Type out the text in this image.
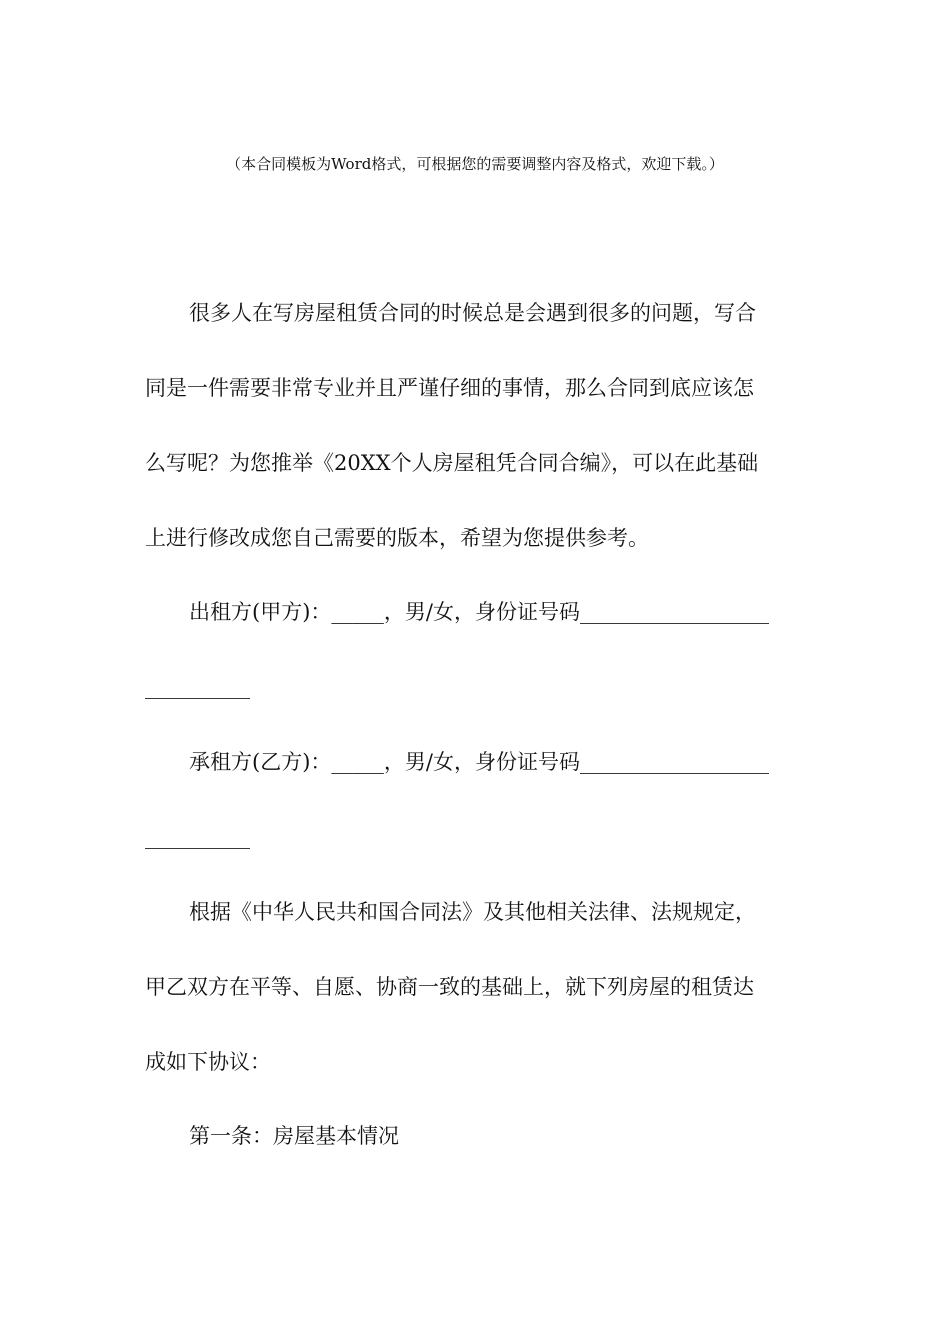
（本合同模板为Word格式，可根据您的需要调整内容及格式，欢迎下载。）

很多人在写房屋租赁合同的时候总是会遇到很多的问题，写合

同是一件需要非常专业并且严谨仔细的事情，那么合同到底应该怎

么写呢？为您推举《20XX个人房屋租凭合同合编》，可以在此基础

上进行修改成您自己需要的版本，希望为您提供参考。

出租方(甲方)：_____，男/女，身份证号码__________________

__________

承租方(乙方)：_____，男/女，身份证号码__________________

__________

根据《中华人民共和国合同法》及其他相关法律、法规规定，

甲乙双方在平等、自愿、协商一致的基础上，就下列房屋的租赁达

成如下协议：

第一条：房屋基本情况
